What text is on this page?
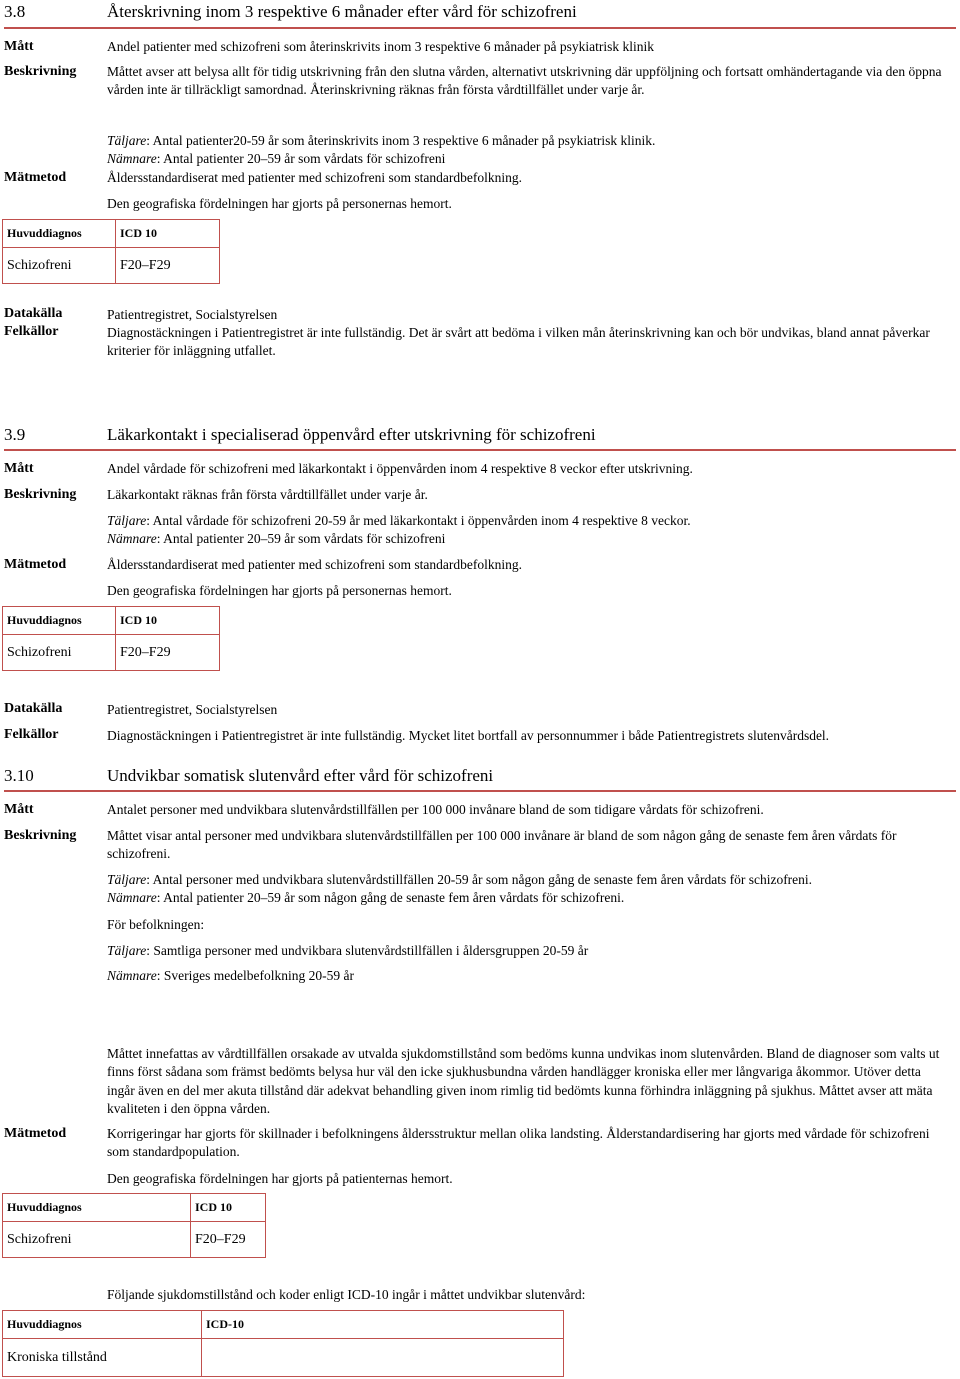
3.8	Återskrivning inom 3 respektive 6 månader efter vård för schizofreni
Mått	Andel patienter med schizofreni som återinskrivits inom 3 respektive 6 månader på psykiatrisk klinik
Beskrivning Måttet avser att belysa allt för tidig utskrivning från den slutna vården, alternativt utskrivning där uppföljning och fortsatt omhändertagande via den öppna vården inte är tillräckligt samordnad. Återinskrivning räknas från första vårdtillfället under varje år.
Mätmetod
Täljare: Antal patienter20-59 år som återinskrivits inom 3 respektive 6 månader på psykiatrisk klinik.
Nämnare: Antal patienter 20–59 år som vårdats för schizofreni
Åldersstandardiserat med patienter med schizofreni som standardbefolkning.
Den geografiska fördelningen har gjorts på personernas hemort.
Huvuddiagnos	ICD 10
Schizofreni	F20–F29
Datakälla	Patientregistret, Socialstyrelsen
Felkällor	Diagnostäckningen i Patientregistret är inte fullständig. Det är svårt att bedöma i vilken mån återinskrivning kan och bör undvikas, bland annat påverkar kriterier för inläggning utfallet.
3.9	Läkarkontakt i specialiserad öppenvård efter utskrivning för schizofreni
Mått	Andel vårdade för schizofreni med läkarkontakt i öppenvården inom 4 respektive 8 veckor efter utskrivning.
Beskrivning Läkarkontakt räknas från första vårdtillfället under varje år.
Mätmetod
Täljare: Antal vårdade för schizofreni 20-59 år med läkarkontakt i öppenvården inom 4 respektive 8 veckor.
Nämnare: Antal patienter 20–59 år som vårdats för schizofreni
Åldersstandardiserat med patienter med schizofreni som standardbefolkning.
Den geografiska fördelningen har gjorts på personernas hemort.
Huvuddiagnos	ICD 10
Schizofreni	F20–F29
Datakälla	Patientregistret, Socialstyrelsen
Felkällor	Diagnostäckningen i Patientregistret är inte fullständig. Mycket litet bortfall av personnummer i både Patientregistrets slutenvårdsdel.
3.10	Undvikbar somatisk slutenvård efter vård för schizofreni
Mått	Antalet personer med undvikbara slutenvårdstillfällen per 100 000 invånare bland de som tidigare vårdats för schizofreni.
Beskrivning Måttet visar antal personer med undvikbara slutenvårdstillfällen per 100 000 invånare är bland de som någon gång de senaste fem åren vårdats för schizofreni.
Täljare: Antal personer med undvikbara slutenvårdstillfällen 20-59 år som någon gång de senaste fem åren vårdats för schizofreni.
Nämnare: Antal patienter 20–59 år som någon gång de senaste fem åren vårdats för schizofreni.
För befolkningen:
Täljare: Samtliga personer med undvikbara slutenvårdstillfällen i åldersgruppen 20-59 år
Nämnare: Sveriges medelbefolkning 20-59 år
Mätmetod
Måttet innefattas av vårdtillfällen orsakade av utvalda sjukdomstillstånd som bedöms kunna undvikas inom slutenvården. Bland de diagnoser som valts ut finns först sådana som främst bedömts belysa hur väl den icke sjukhusbundna vården handlägger kroniska eller mer långvariga åkommor. Utöver detta ingår även en del mer akuta tillstånd där adekvat behandling given inom rimlig tid bedömts kunna förhindra inläggning på sjukhus. Måttet avser att mäta kvaliteten i den öppna vården.
Korrigeringar har gjorts för skillnader i befolkningens åldersstruktur mellan olika landsting. Ålderstandardisering har gjorts med vårdade för schizofreni som standardpopulation.
Den geografiska fördelningen har gjorts på patienternas hemort.
Huvuddiagnos	ICD 10
Schizofreni	F20–F29
Följande sjukdomstillstånd och koder enligt ICD-10 ingår i måttet undvikbar slutenvård:
Huvuddiagnos	ICD-10
Kroniska tillstånd	
